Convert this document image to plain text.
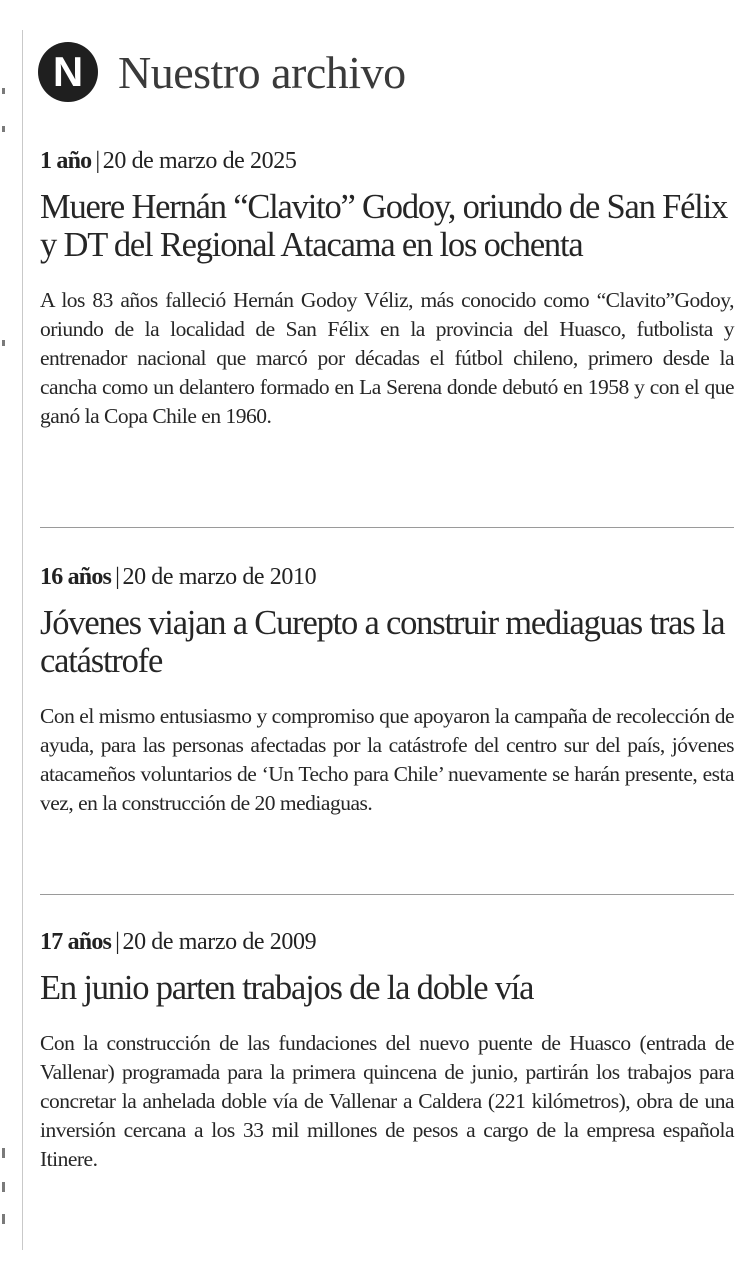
N Nuestro archivo
1 año | 20 de marzo de 2025
Muere Hernán “Clavito” Godoy, oriundo de San Félix y DT del Regional Atacama en los ochenta
A los 83 años falleció Hernán Godoy Véliz, más conocido como “Clavito”Godoy, oriundo de la localidad de San Félix en la provincia del Huasco, futbolista y entrenador nacional que marcó por décadas el fútbol chileno, primero desde la cancha como un delantero formado en La Serena donde debutó en 1958 y con el que ganó la Copa Chile en 1960.
16 años | 20 de marzo de 2010
Jóvenes viajan a Curepto a construir mediaguas tras la catástrofe
Con el mismo entusiasmo y compromiso que apoyaron la campaña de recolección de ayuda, para las personas afectadas por la catástrofe del centro sur del país, jóvenes atacameños voluntarios de ‘Un Techo para Chile’ nuevamente se harán presente, esta vez, en la construcción de 20 mediaguas.
17 años | 20 de marzo de 2009
En junio parten trabajos de la doble vía
Con la construcción de las fundaciones del nuevo puente de Huasco (entrada de Vallenar) programada para la primera quincena de junio, partirán los trabajos para concretar la anhelada doble vía de Vallenar a Caldera (221 kilómetros), obra de una inversión cercana a los 33 mil millones de pesos a cargo de la empresa española Itinere.
